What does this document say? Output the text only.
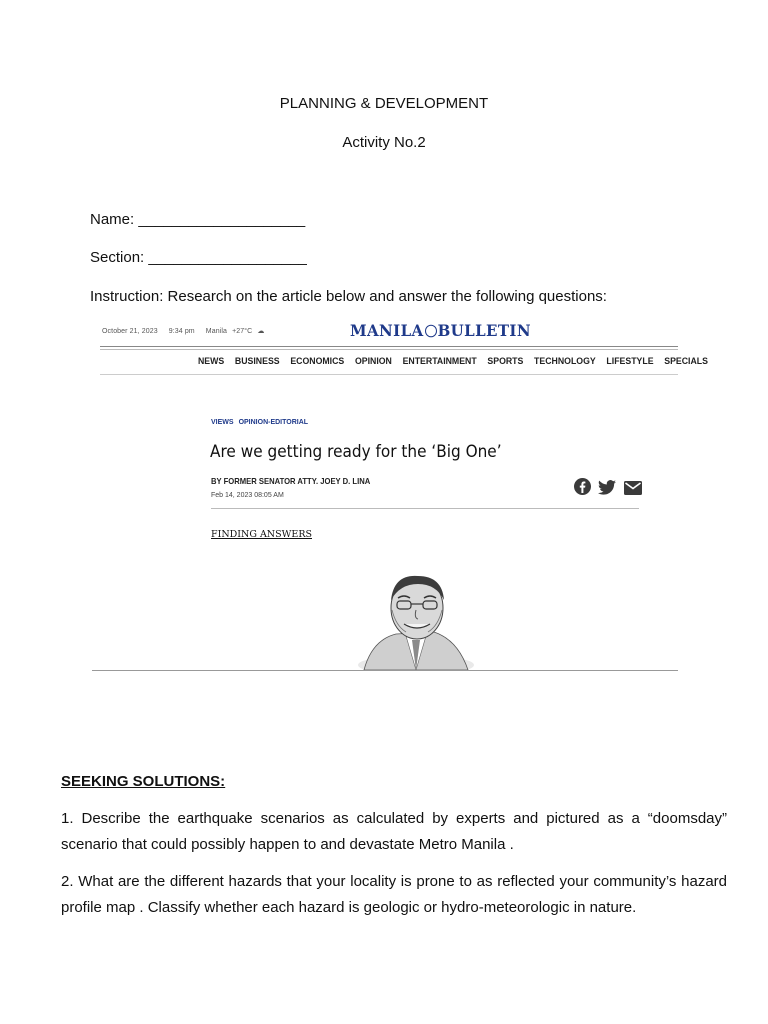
PLANNING & DEVELOPMENT
Activity No.2
Name: ____________________
Section: ___________________
Instruction: Research on the article below and answer the following questions:
October 21, 2023 9:34 pm Manila +27°C ☁	MANILA BULLETIN
NEWS BUSINESS ECONOMICS OPINION ENTERTAINMENT SPORTS TECHNOLOGY LIFESTYLE SPECIALS
VIEWS OPINION-EDITORIAL
Are we getting ready for the ‘Big One’
BY FORMER SENATOR ATTY. JOEY D. LINA
Feb 14, 2023 08:05 AM

FINDING ANSWERS
SEEKING SOLUTIONS:
1. Describe the earthquake scenarios as calculated by experts and pictured as a “doomsday” scenario that could possibly happen to and devastate Metro Manila .
2. What are the different hazards that your locality is prone to as reflected your community’s hazard profile map . Classify whether each hazard is geologic or hydro-meteorologic in nature.
